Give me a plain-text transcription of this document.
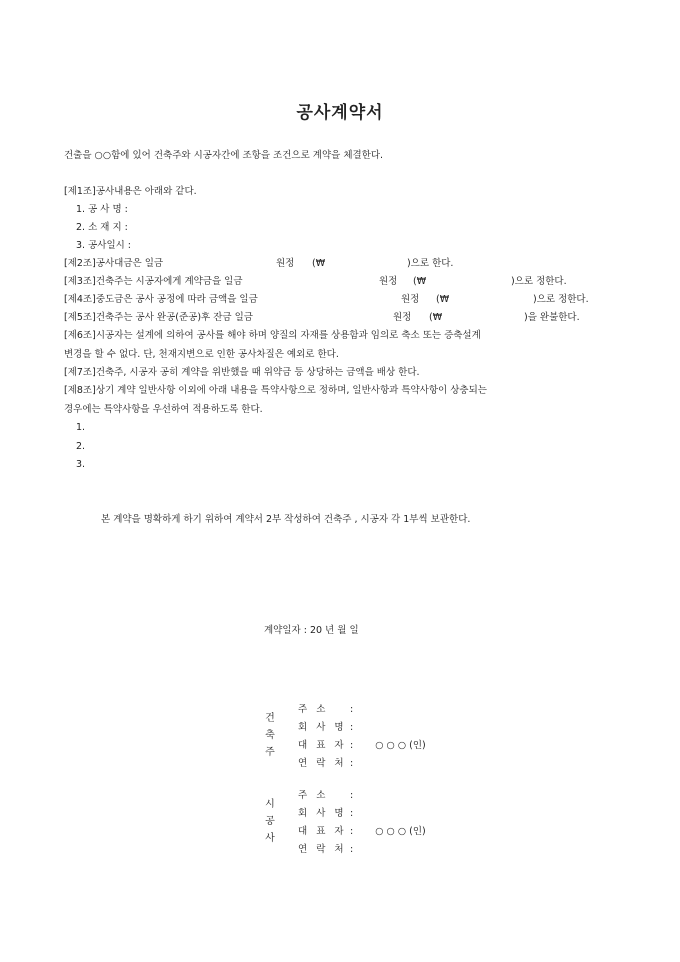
공사계약서
건출을 ○○함에 있어 건축주와 시공자간에 조항을 조건으로 계약을 체결한다.
[제1조]공사내용은 아래와 같다.
1. 공 사 명 :
2. 소 재 지 :
3. 공사일시 :
[제2조]공사대금은 일금	원정 (₩	)으로 한다.
[제3조]건축주는 시공자에게 계약금을 일금	원정 (₩	)으로 정한다.
[제4조]중도금은 공사 공정에 따라 금액을 일금	원정 (₩	)으로 정한다.
[제5조]건축주는 공사 완공(준공)후 잔금 일금	원정 (₩	)을 완불한다.
[제6조]시공자는 설계에 의하여 공사를 해야 하며 양질의 자재를 상용함과 임의로 축소 또는 증축설계
변경을 할 수 없다. 단, 천재지변으로 인한 공사차질은 예외로 한다.
[제7조]건축주, 시공자 공히 계약을 위반했을 때 위약금 등 상당하는 금액을 배상 한다.
[제8조]상기 계약 일반사항 이외에 아래 내용을 특약사항으로 정하며, 일반사항과 특약사항이 상충되는
경우에는 특약사항을 우선하여 적용하도록 한다.
1.
2.
3.
본 계약을 명확하게 하기 위하여 계약서 2부 작성하여 건축주 , 시공자 각 1부씩 보관한다.
계약일자 : 20 년 월 일
건
축
주
주 소 :
회 사 명 :
대 표 자 : ○ ○ ○ (인)
연 락 처 :
시
공
사
주 소 :
회 사 명 :
대 표 자 : ○ ○ ○ (인)
연 락 처 :
